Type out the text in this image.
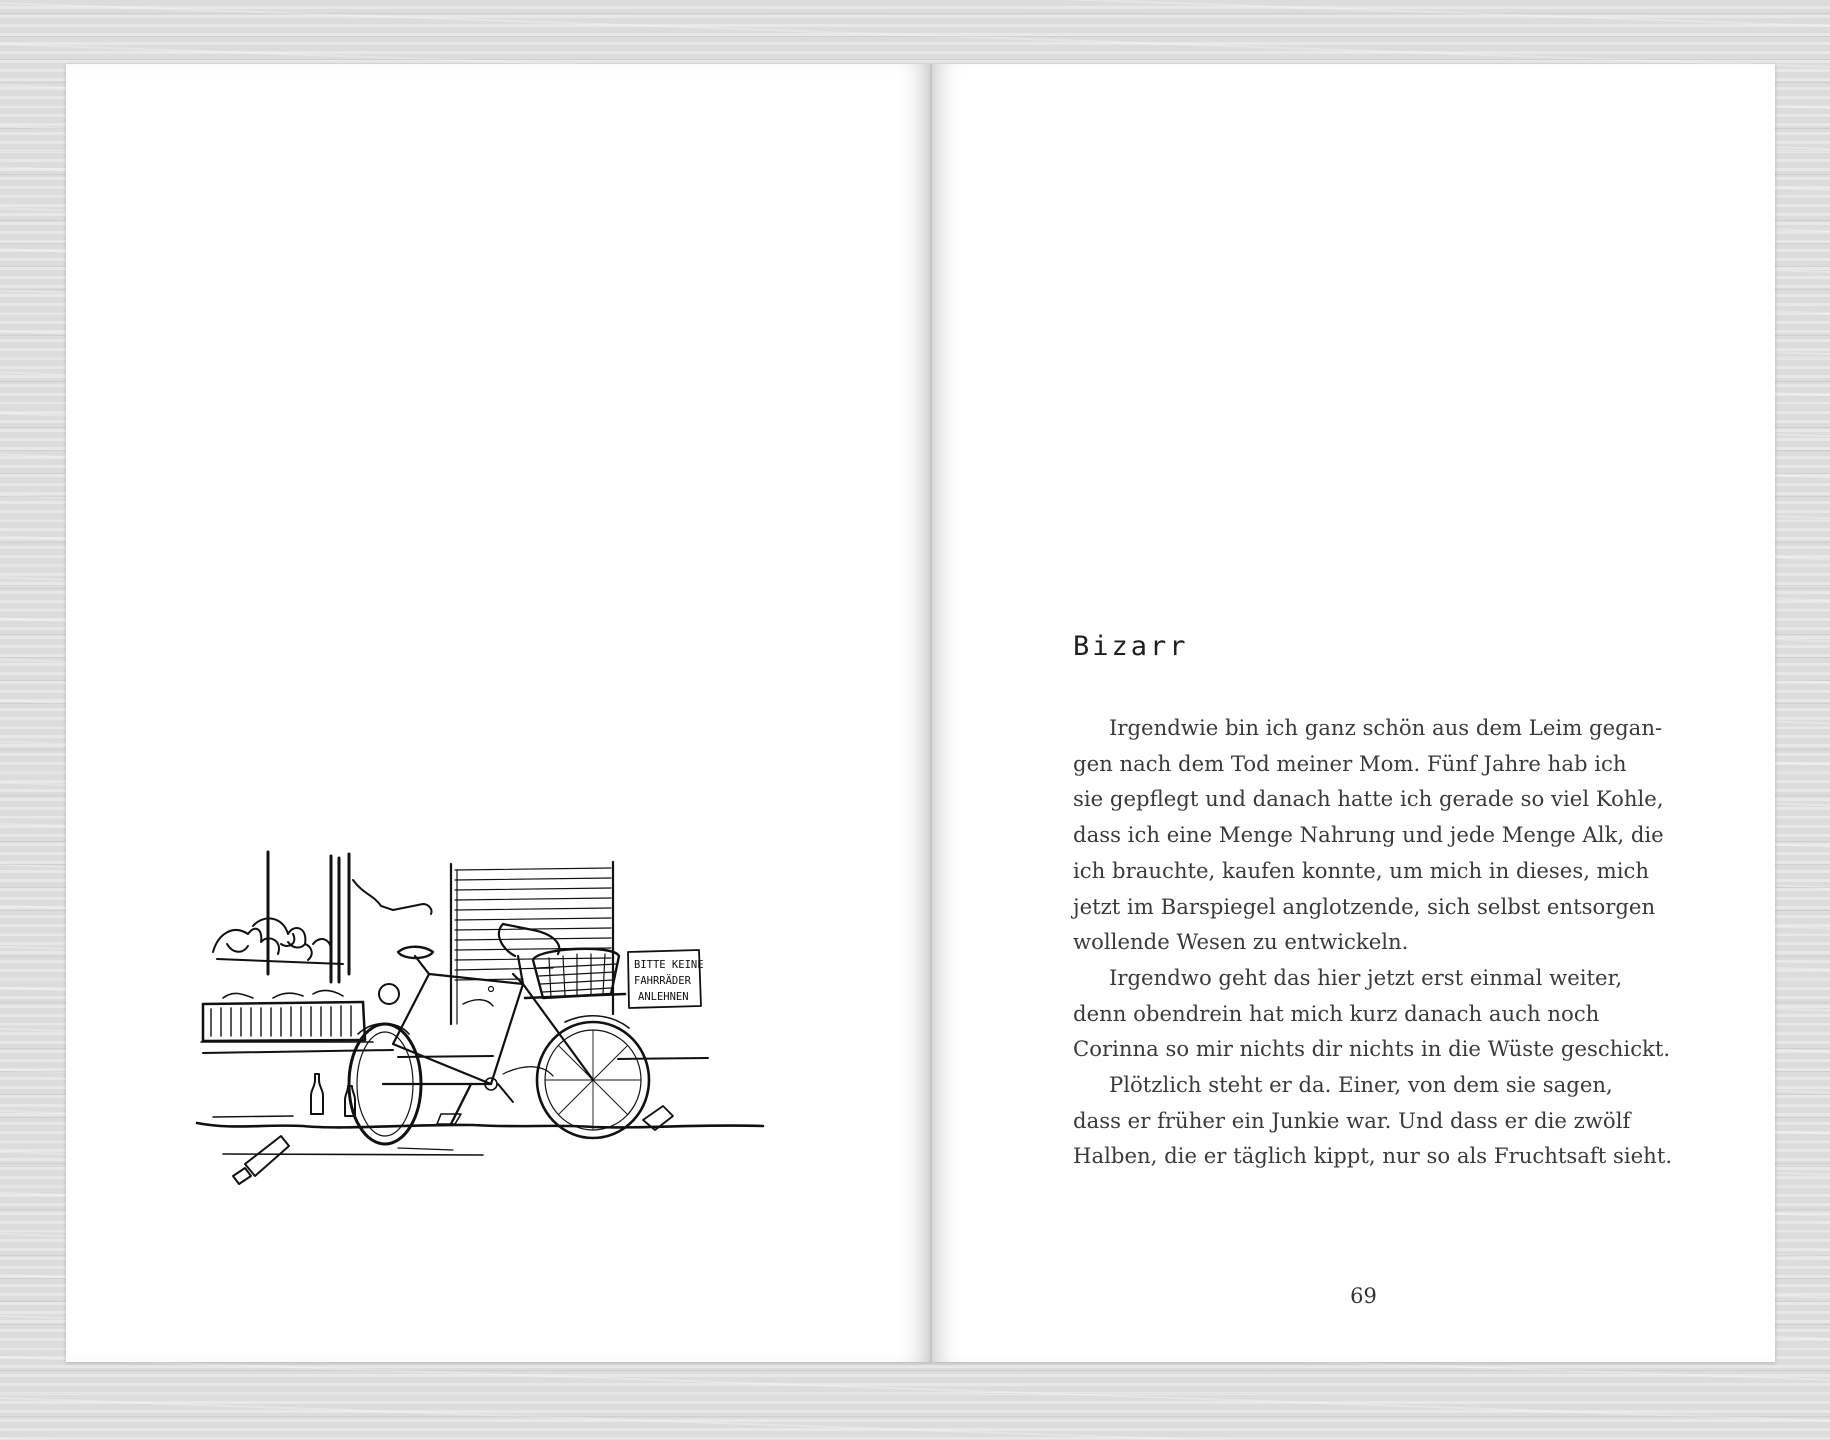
BITTE KEINE
FAHRRÄDER
ANLEHNEN
Bizarr

Irgendwie bin ich ganz schön aus dem Leim gegan-
gen nach dem Tod meiner Mom. Fünf Jahre hab ich
sie gepflegt und danach hatte ich gerade so viel Kohle,
dass ich eine Menge Nahrung und jede Menge Alk, die
ich brauchte, kaufen konnte, um mich in dieses, mich
jetzt im Barspiegel anglotzende, sich selbst entsorgen
wollende Wesen zu entwickeln.

Irgendwo geht das hier jetzt erst einmal weiter,
denn obendrein hat mich kurz danach auch noch
Corinna so mir nichts dir nichts in die Wüste geschickt.

Plötzlich steht er da. Einer, von dem sie sagen,
dass er früher ein Junkie war. Und dass er die zwölf
Halben, die er täglich kippt, nur so als Fruchtsaft sieht.

69
